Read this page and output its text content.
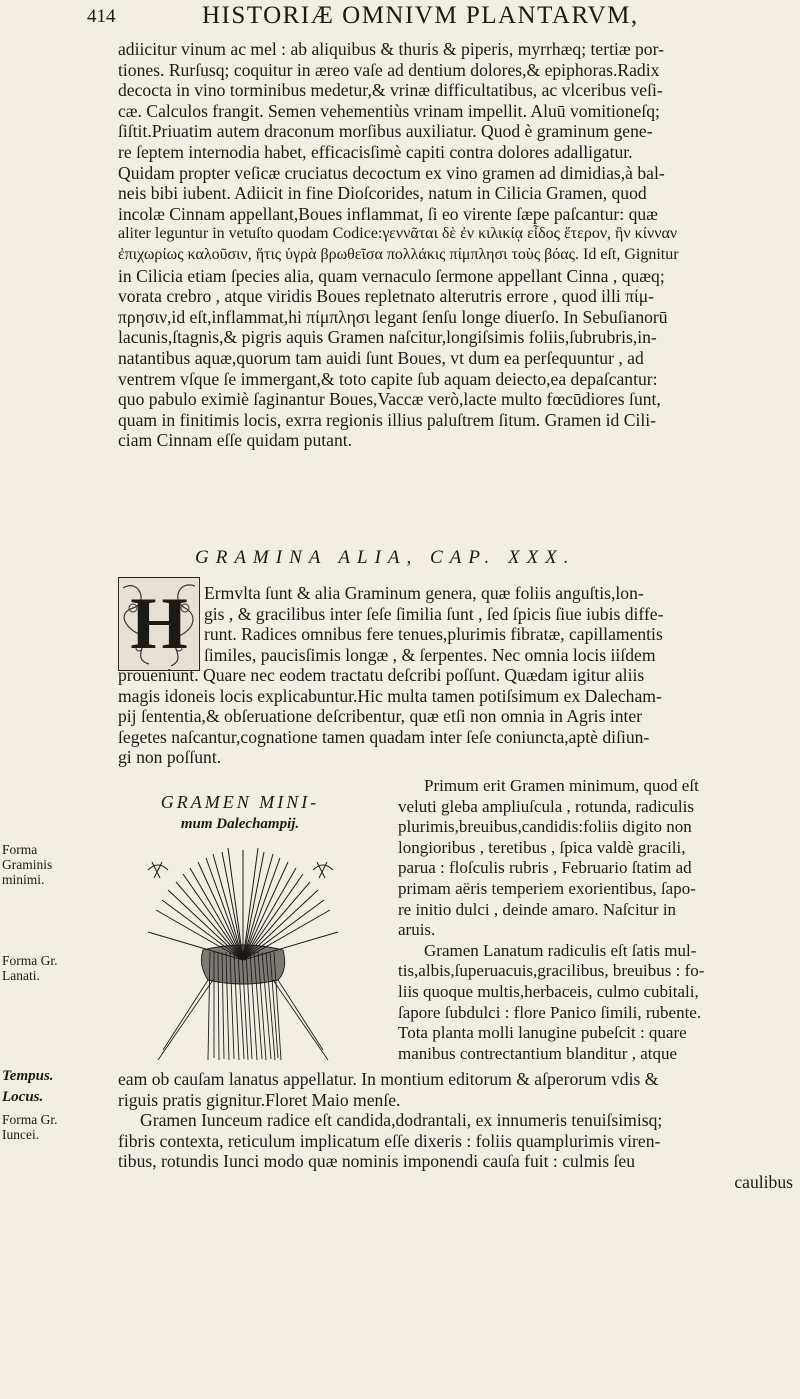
414	HISTORIÆ OMNIVM PLANTARVM,
adiicitur vinum ac mel : ab aliquibus & thuris & piperis, myrrhæq; tertiæ por-
tiones. Rurſusq; coquitur in æreo vaſe ad dentium dolores,& epiphoras.Radix
decocta in vino torminibus medetur,& vrinæ difficultatibus, ac vlceribus veſi-
cæ. Calculos frangit. Semen vehementiùs vrinam impellit. Aluū vomitioneſq;
ſiſtit.Priuatim autem draconum morſibus auxiliatur. Quod è graminum gene-
re ſeptem internodia habet, efficacisſimè capiti contra dolores adalligatur.
Quidam propter veſicæ cruciatus decoctum ex vino gramen ad dimidias,à bal-
neis bibi iubent. Adiicit in fine Dioſcorides, natum in Cilicia Gramen, quod
incolæ Cinnam appellant,Boues inflammat, ſi eo virente ſæpe paſcantur: quæ
aliter leguntur in vetuſto quodam Codice:γεννᾶται δὲ ἐν κιλικίᾳ εἶδος ἕτερον, ἣν κίνναν
ἐπιχωρίως καλοῦσιν, ἥτις ὑγρὰ βρωθεῖσα πολλάκις πίμπλησι τοὺς βόας. Id eſt, Gignitur
in Cilicia etiam ſpecies alia, quam vernaculo ſermone appellant Cinna , quæq;
vorata crebro , atque viridis Boues repletnato alterutris errore , quod illi πίμ-
πρησιν,id eſt,inflammat,hi πίμπλησι legant ſenſu longe diuerſo. In Sebuſianorū
lacunis,ſtagnis,& pigris aquis Gramen naſcitur,longiſsimis foliis,ſubrubris,in-
natantibus aquæ,quorum tam auidi ſunt Boues, vt dum ea perſequuntur , ad
ventrem vſque ſe immergant,& toto capite ſub aquam deiecto,ea depaſcantur:
quo pabulo eximiè ſaginantur Boues,Vaccæ verò,lacte multo fœcūdiores ſunt,
quam in finitimis locis, exrra regionis illius paluſtrem ſitum. Gramen id Cili-
ciam Cinnam eſſe quidam putant.
GRAMINA ALIA, CAP. XXX.
H Ermvlta ſunt & alia Graminum genera, quæ foliis anguſtis,lon-
gis , & gracilibus inter ſeſe ſimilia ſunt , ſed ſpicis ſiue iubis diffe-
runt. Radices omnibus fere tenues,plurimis fibratæ, capillamentis
ſimiles, paucisſimis longæ , & ſerpentes. Nec omnia locis iiſdem
proueniunt. Quare nec eodem tractatu deſcribi poſſunt. Quædam igitur aliis
magis idoneis locis explicabuntur.Hic multa tamen potiſsimum ex Dalecham-
pij ſententia,& obſeruatione deſcribentur, quæ etſi non omnia in Agris inter
ſegetes naſcantur,cognatione tamen quadam inter ſeſe coniuncta,aptè diſiun-
gi non poſſunt.
GRAMEN MINI-
mum Dalechampij.
Primum erit Gramen minimum, quod eſt
veluti gleba ampliuſcula , rotunda, radiculis
plurimis,breuibus,candidis:foliis digito non
longioribus , teretibus , ſpica valdè gracili,
parua : floſculis rubris , Februario ſtatim ad
primam aëris temperiem exorientibus, ſapo-
re initio dulci , deinde amaro. Naſcitur in
aruis.
Gramen Lanatum radiculis eſt ſatis mul-
tis,albis,ſuperuacuis,gracilibus, breuibus : fo-
liis quoque multis,herbaceis, culmo cubitali,
ſapore ſubdulci : flore Panico ſimili, rubente.
Tota planta molli lanugine pubeſcit : quare
manibus contrectantium blanditur , atque
eam ob cauſam lanatus appellatur. In montium editorum & aſperorum vdis &
riguis pratis gignitur.Floret Maio menſe.
Gramen Iunceum radice eſt candida,dodrantali, ex innumeris tenuiſsimisq;
fibris contexta, reticulum implicatum eſſe dixeris : foliis quamplurimis viren-
tibus, rotundis Iunci modo quæ nominis imponendi cauſa fuit : culmis ſeu
caulibus
Forma
Graminis
minimi.
Forma Gr.
Lanati.
Tempus.
Locus.
Forma Gr.
Iuncei.
